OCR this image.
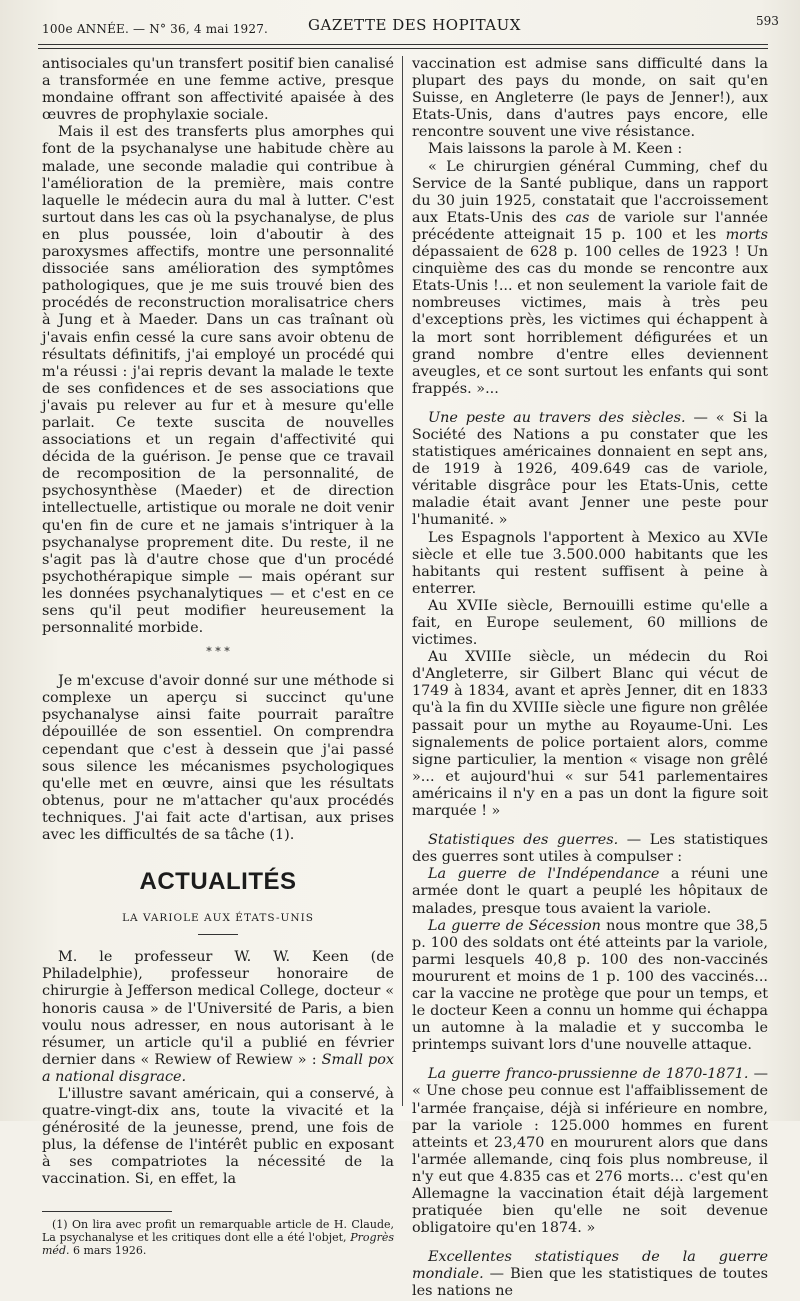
100e ANNÉE. — N° 36, 4 mai 1927.	GAZETTE DES HOPITAUX	593

antisociales qu'un transfert positif bien canalisé a transformée en une femme active, presque mondaine offrant son affectivité apaisée à des œuvres de prophylaxie sociale.

Mais il est des transferts plus amorphes qui font de la psychanalyse une habitude chère au malade, une seconde maladie qui contribue à l'amélioration de la première, mais contre laquelle le médecin aura du mal à lutter. C'est surtout dans les cas où la psychanalyse, de plus en plus poussée, loin d'aboutir à des paroxysmes affectifs, montre une personnalité dissociée sans amélioration des symptômes pathologiques, que je me suis trouvé bien des procédés de reconstruction moralisatrice chers à Jung et à Maeder. Dans un cas traînant où j'avais enfin cessé la cure sans avoir obtenu de résultats définitifs, j'ai employé un procédé qui m'a réussi : j'ai repris devant la malade le texte de ses confidences et de ses associations que j'avais pu relever au fur et à mesure qu'elle parlait. Ce texte suscita de nouvelles associations et un regain d'affectivité qui décida de la guérison. Je pense que ce travail de recomposition de la personnalité, de psychosynthèse (Maeder) et de direction intellectuelle, artistique ou morale ne doit venir qu'en fin de cure et ne jamais s'intriquer à la psychanalyse proprement dite. Du reste, il ne s'agit pas là d'autre chose que d'un procédé psychothérapique simple — mais opérant sur les données psychanalytiques — et c'est en ce sens qu'il peut modifier heureusement la personnalité morbide.

* * *

Je m'excuse d'avoir donné sur une méthode si complexe un aperçu si succinct qu'une psychanalyse ainsi faite pourrait paraître dépouillée de son essentiel. On comprendra cependant que c'est à dessein que j'ai passé sous silence les mécanismes psychologiques qu'elle met en œuvre, ainsi que les résultats obtenus, pour ne m'attacher qu'aux procédés techniques. J'ai fait acte d'artisan, aux prises avec les difficultés de sa tâche (1).

ACTUALITÉS
LA VARIOLE AUX ÉTATS-UNIS

M. le professeur W. W. Keen (de Philadelphie), professeur honoraire de chirurgie à Jefferson medical College, docteur « honoris causa » de l'Université de Paris, a bien voulu nous adresser, en nous autorisant à le résumer, un article qu'il a publié en février dernier dans « Rewiew of Rewiew » : Small pox a national disgrace.

L'illustre savant américain, qui a conservé, à quatre-vingt-dix ans, toute la vivacité et la générosité de la jeunesse, prend, une fois de plus, la défense de l'intérêt public en exposant à ses compatriotes la nécessité de la vaccination. Si, en effet, la

(1) On lira avec profit un remarquable article de H. Claude, La psychanalyse et les critiques dont elle a été l'objet, Progrès méd. 6 mars 1926.

vaccination est admise sans difficulté dans la plupart des pays du monde, on sait qu'en Suisse, en Angleterre (le pays de Jenner!), aux Etats-Unis, dans d'autres pays encore, elle rencontre souvent une vive résistance.

Mais laissons la parole à M. Keen :

« Le chirurgien général Cumming, chef du Service de la Santé publique, dans un rapport du 30 juin 1925, constatait que l'accroissement aux Etats-Unis des cas de variole sur l'année précédente atteignait 15 p. 100 et les morts dépassaient de 628 p. 100 celles de 1923 ! Un cinquième des cas du monde se rencontre aux Etats-Unis !... et non seulement la variole fait de nombreuses victimes, mais à très peu d'exceptions près, les victimes qui échappent à la mort sont horriblement défigurées et un grand nombre d'entre elles deviennent aveugles, et ce sont surtout les enfants qui sont frappés. »...

Une peste au travers des siècles. — « Si la Société des Nations a pu constater que les statistiques américaines donnaient en sept ans, de 1919 à 1926, 409.649 cas de variole, véritable disgrâce pour les Etats-Unis, cette maladie était avant Jenner une peste pour l'humanité. »

Les Espagnols l'apportent à Mexico au XVIe siècle et elle tue 3.500.000 habitants que les habitants qui restent suffisent à peine à enterrer.

Au XVIIe siècle, Bernouilli estime qu'elle a fait, en Europe seulement, 60 millions de victimes.

Au XVIIIe siècle, un médecin du Roi d'Angleterre, sir Gilbert Blanc qui vécut de 1749 à 1834, avant et après Jenner, dit en 1833 qu'à la fin du XVIIIe siècle une figure non grêlée passait pour un mythe au Royaume-Uni. Les signalements de police portaient alors, comme signe particulier, la mention « visage non grêlé »... et aujourd'hui « sur 541 parlementaires américains il n'y en a pas un dont la figure soit marquée ! »

Statistiques des guerres. — Les statistiques des guerres sont utiles à compulser :

La guerre de l'Indépendance a réuni une armée dont le quart a peuplé les hôpitaux de malades, presque tous avaient la variole.

La guerre de Sécession nous montre que 38,5 p. 100 des soldats ont été atteints par la variole, parmi lesquels 40,8 p. 100 des non-vaccinés moururent et moins de 1 p. 100 des vaccinés... car la vaccine ne protège que pour un temps, et le docteur Keen a connu un homme qui échappa un automne à la maladie et y succomba le printemps suivant lors d'une nouvelle attaque.

La guerre franco-prussienne de 1870-1871. — « Une chose peu connue est l'affaiblissement de l'armée française, déjà si inférieure en nombre, par la variole : 125.000 hommes en furent atteints et 23,470 en moururent alors que dans l'armée allemande, cinq fois plus nombreuse, il n'y eut que 4.835 cas et 276 morts... c'est qu'en Allemagne la vaccination était déjà largement pratiquée bien qu'elle ne soit devenue obligatoire qu'en 1874. »

Excellentes statistiques de la guerre mondiale. — Bien que les statistiques de toutes les nations ne
